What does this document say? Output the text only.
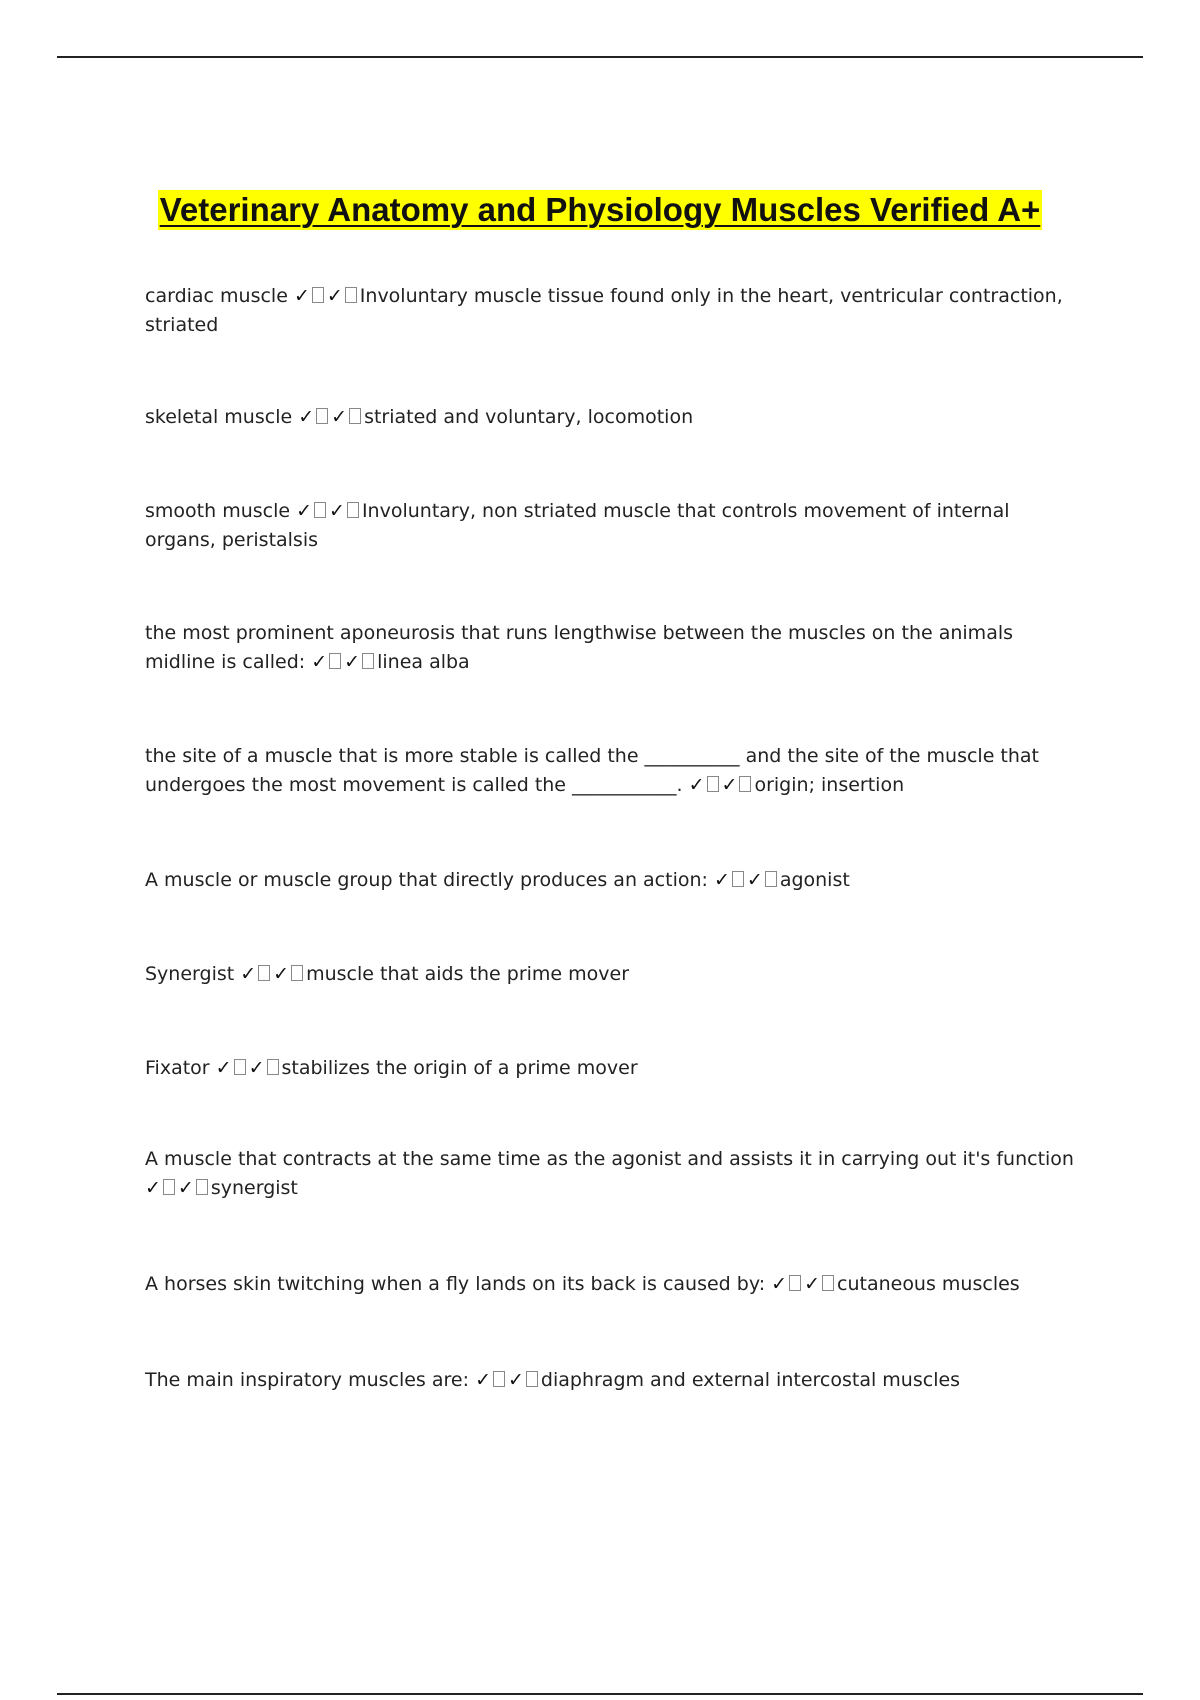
Veterinary Anatomy and Physiology Muscles Verified A+
cardiac muscle ✓ ✓ Involuntary muscle tissue found only in the heart, ventricular contraction, striated
skeletal muscle ✓ ✓ striated and voluntary, locomotion
smooth muscle ✓ ✓ Involuntary, non striated muscle that controls movement of internal organs, peristalsis
the most prominent aponeurosis that runs lengthwise between the muscles on the animals midline is called: ✓ ✓ linea alba
the site of a muscle that is more stable is called the __________ and the site of the muscle that undergoes the most movement is called the ___________. ✓ ✓ origin; insertion
A muscle or muscle group that directly produces an action: ✓ ✓ agonist
Synergist ✓ ✓ muscle that aids the prime mover
Fixator ✓ ✓ stabilizes the origin of a prime mover
A muscle that contracts at the same time as the agonist and assists it in carrying out it's function ✓ ✓ synergist
A horses skin twitching when a fly lands on its back is caused by: ✓ ✓ cutaneous muscles
The main inspiratory muscles are: ✓ ✓ diaphragm and external intercostal muscles
